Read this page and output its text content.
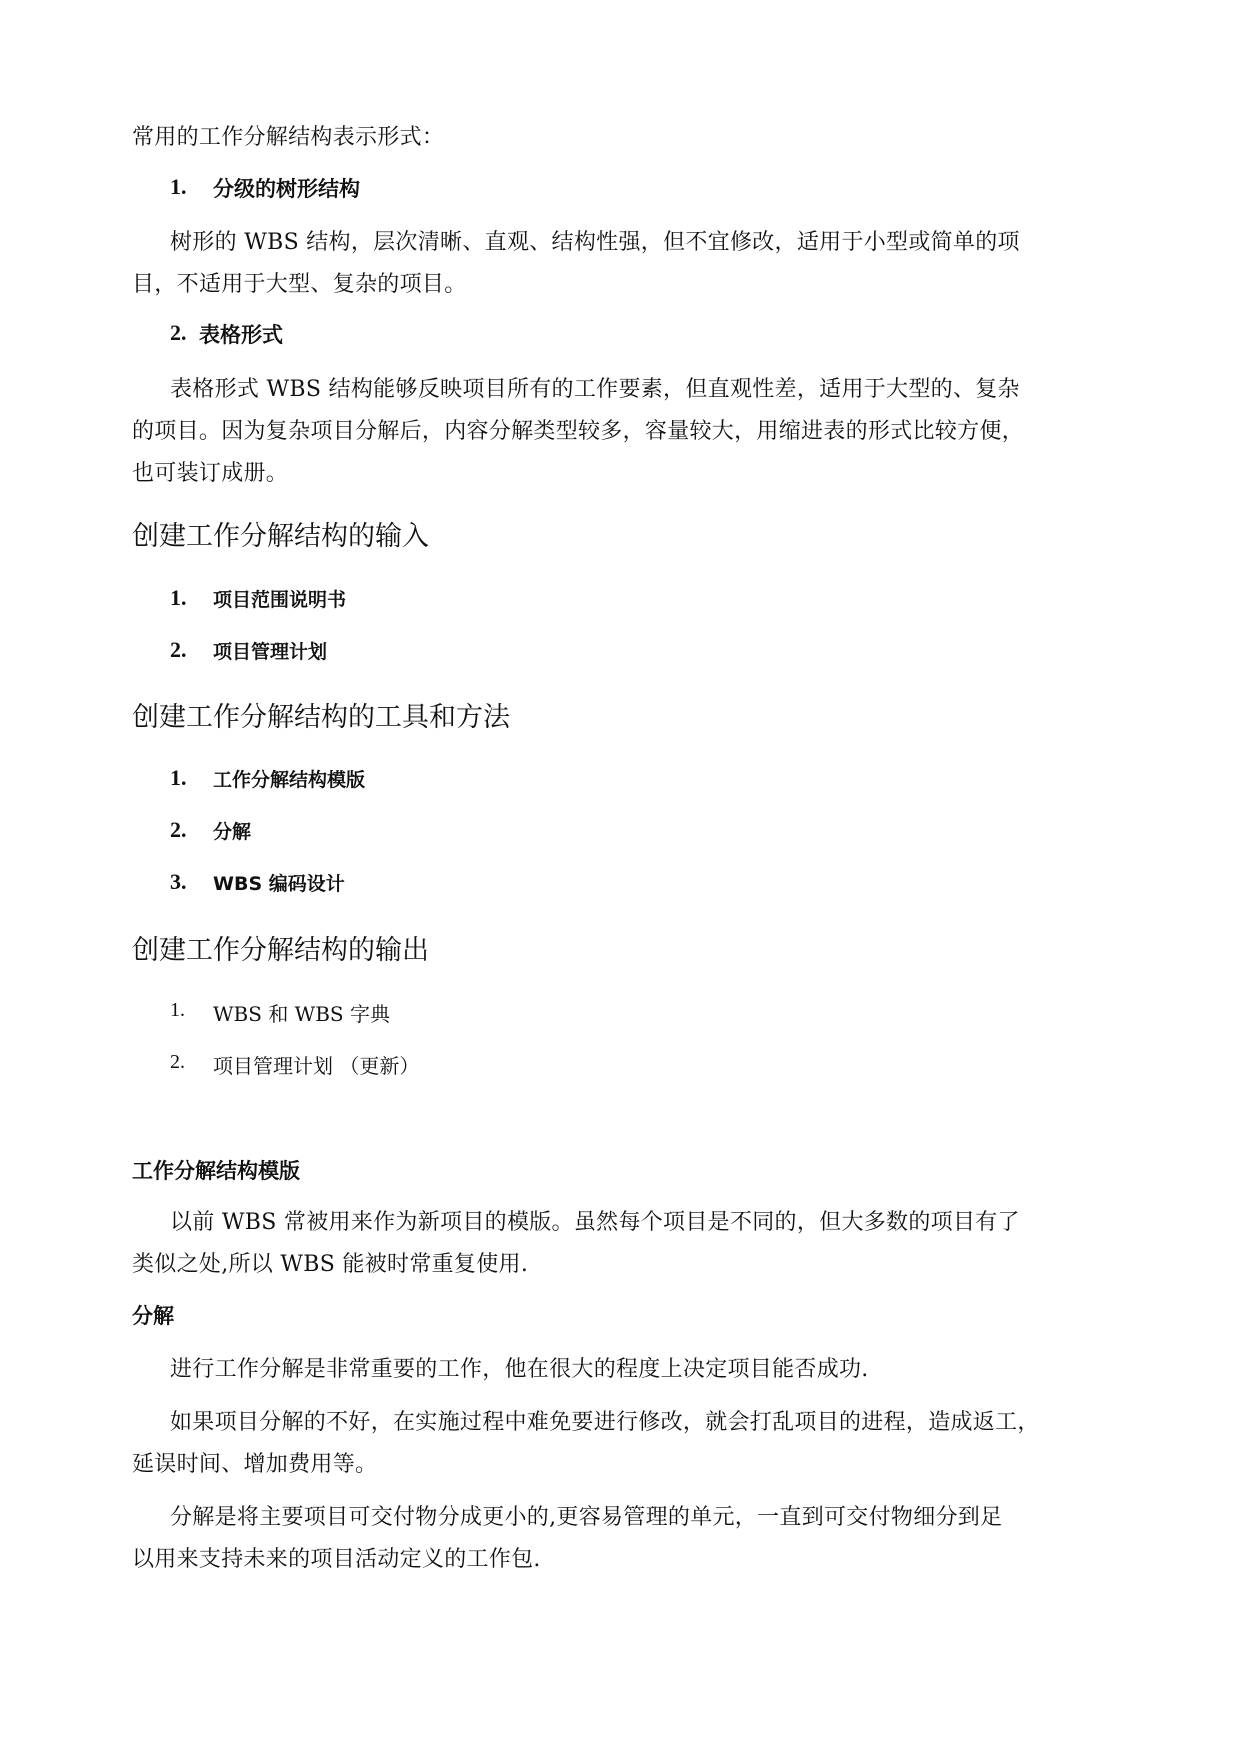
常用的工作分解结构表示形式：
1. 分级的树形结构
树形的 WBS 结构，层次清晰、直观、结构性强，但不宜修改，适用于小型或简单的项
目，不适用于大型、复杂的项目。
2. 表格形式
表格形式 WBS 结构能够反映项目所有的工作要素，但直观性差，适用于大型的、复杂
的项目。因为复杂项目分解后，内容分解类型较多，容量较大，用缩进表的形式比较方便，
也可装订成册。
创建工作分解结构的输入
1. 项目范围说明书
2. 项目管理计划
创建工作分解结构的工具和方法
1. 工作分解结构模版
2. 分解
3. WBS 编码设计
创建工作分解结构的输出
1. WBS 和 WBS 字典
2. 项目管理计划 （更新）
工作分解结构模版
以前 WBS 常被用来作为新项目的模版。虽然每个项目是不同的，但大多数的项目有了
类似之处,所以 WBS 能被时常重复使用.
分解
进行工作分解是非常重要的工作，他在很大的程度上决定项目能否成功.
如果项目分解的不好，在实施过程中难免要进行修改，就会打乱项目的进程，造成返工，
延误时间、增加费用等。
分解是将主要项目可交付物分成更小的,更容易管理的单元，一直到可交付物细分到足
以用来支持未来的项目活动定义的工作包.
